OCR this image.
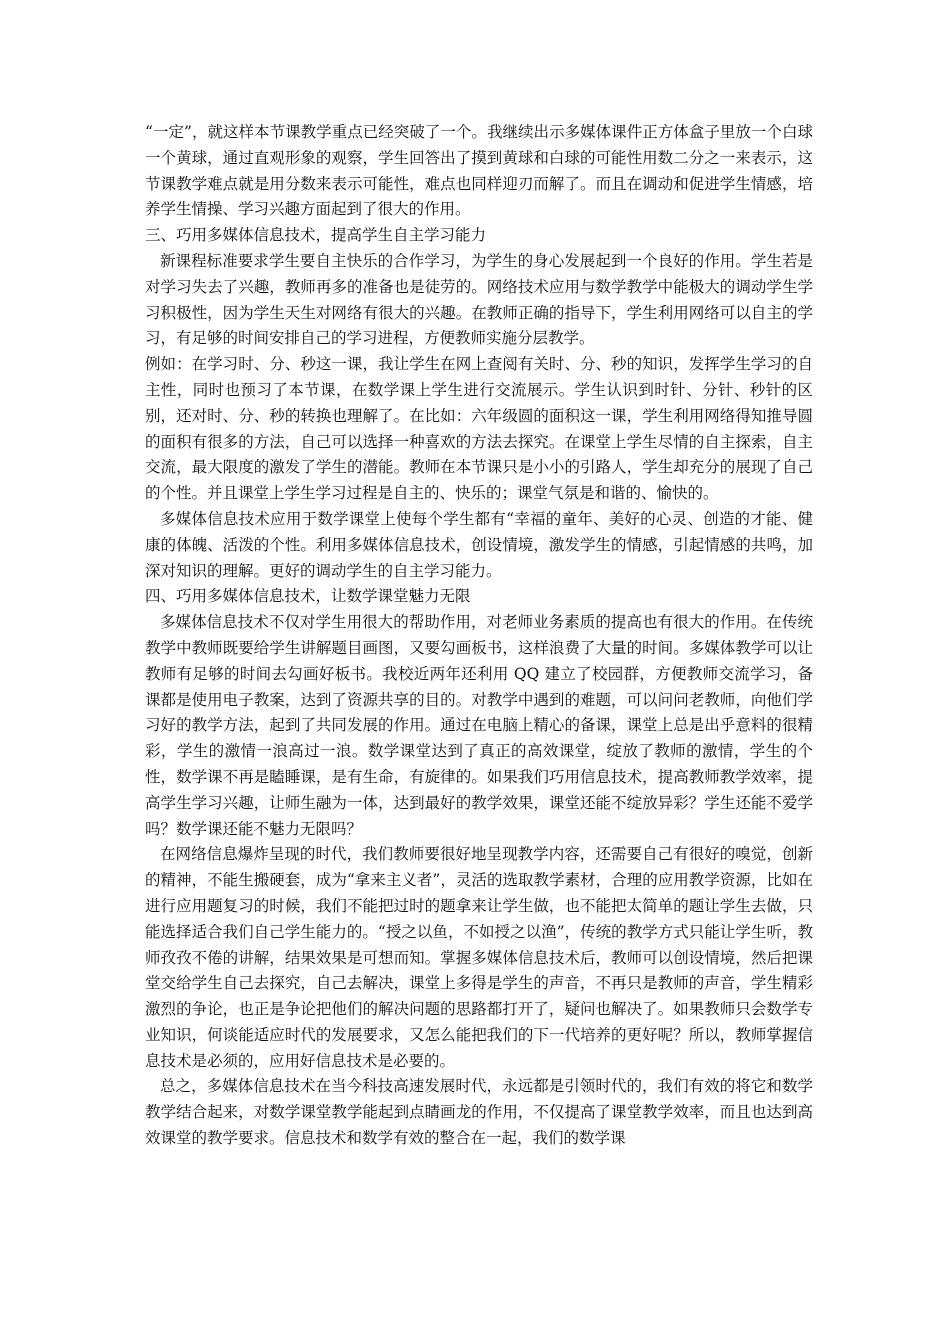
“一定”，就这样本节课教学重点已经突破了一个。我继续出示多媒体课件正方体盒子里放一个白球一个黄球，通过直观形象的观察，学生回答出了摸到黄球和白球的可能性用数二分之一来表示，这节课教学难点就是用分数来表示可能性，难点也同样迎刃而解了。而且在调动和促进学生情感，培养学生情操、学习兴趣方面起到了很大的作用。

三、巧用多媒体信息技术，提高学生自主学习能力

新课程标准要求学生要自主快乐的合作学习，为学生的身心发展起到一个良好的作用。学生若是对学习失去了兴趣，教师再多的准备也是徒劳的。网络技术应用与数学教学中能极大的调动学生学习积极性，因为学生天生对网络有很大的兴趣。在教师正确的指导下，学生利用网络可以自主的学习，有足够的时间安排自己的学习进程，方便教师实施分层教学。

例如：在学习时、分、秒这一课，我让学生在网上查阅有关时、分、秒的知识，发挥学生学习的自主性，同时也预习了本节课，在数学课上学生进行交流展示。学生认识到时针、分针、秒针的区别，还对时、分、秒的转换也理解了。在比如：六年级圆的面积这一课，学生利用网络得知推导圆的面积有很多的方法，自己可以选择一种喜欢的方法去探究。在课堂上学生尽情的自主探索，自主交流，最大限度的激发了学生的潜能。教师在本节课只是小小的引路人，学生却充分的展现了自己的个性。并且课堂上学生学习过程是自主的、快乐的；课堂气氛是和谐的、愉快的。

多媒体信息技术应用于数学课堂上使每个学生都有“幸福的童年、美好的心灵、创造的才能、健康的体魄、活泼的个性。利用多媒体信息技术，创设情境，激发学生的情感，引起情感的共鸣，加深对知识的理解。更好的调动学生的自主学习能力。

四、巧用多媒体信息技术，让数学课堂魅力无限

多媒体信息技术不仅对学生用很大的帮助作用，对老师业务素质的提高也有很大的作用。在传统教学中教师既要给学生讲解题目画图，又要勾画板书，这样浪费了大量的时间。多媒体教学可以让教师有足够的时间去勾画好板书。我校近两年还利用 QQ 建立了校园群，方便教师交流学习，备课都是使用电子教案，达到了资源共享的目的。对教学中遇到的难题，可以问问老教师，向他们学习好的教学方法，起到了共同发展的作用。通过在电脑上精心的备课，课堂上总是出乎意料的很精彩，学生的激情一浪高过一浪。数学课堂达到了真正的高效课堂，绽放了教师的激情，学生的个性，数学课不再是瞌睡课，是有生命，有旋律的。如果我们巧用信息技术，提高教师教学效率，提高学生学习兴趣，让师生融为一体，达到最好的教学效果，课堂还能不绽放异彩？学生还能不爱学吗？数学课还能不魅力无限吗？

在网络信息爆炸呈现的时代，我们教师要很好地呈现教学内容，还需要自己有很好的嗅觉，创新的精神，不能生搬硬套，成为“拿来主义者”，灵活的选取教学素材，合理的应用教学资源，比如在进行应用题复习的时候，我们不能把过时的题拿来让学生做，也不能把太简单的题让学生去做，只能选择适合我们自己学生能力的。“授之以鱼，不如授之以渔”，传统的教学方式只能让学生听，教师孜孜不倦的讲解，结果效果是可想而知。掌握多媒体信息技术后，教师可以创设情境，然后把课堂交给学生自己去探究，自己去解决，课堂上多得是学生的声音，不再只是教师的声音，学生精彩激烈的争论，也正是争论把他们的解决问题的思路都打开了，疑问也解决了。如果教师只会数学专业知识，何谈能适应时代的发展要求，又怎么能把我们的下一代培养的更好呢？所以，教师掌握信息技术是必须的，应用好信息技术是必要的。

总之，多媒体信息技术在当今科技高速发展时代，永远都是引领时代的，我们有效的将它和数学教学结合起来，对数学课堂教学能起到点睛画龙的作用，不仅提高了课堂教学效率，而且也达到高效课堂的教学要求。信息技术和数学有效的整合在一起，我们的数学课
